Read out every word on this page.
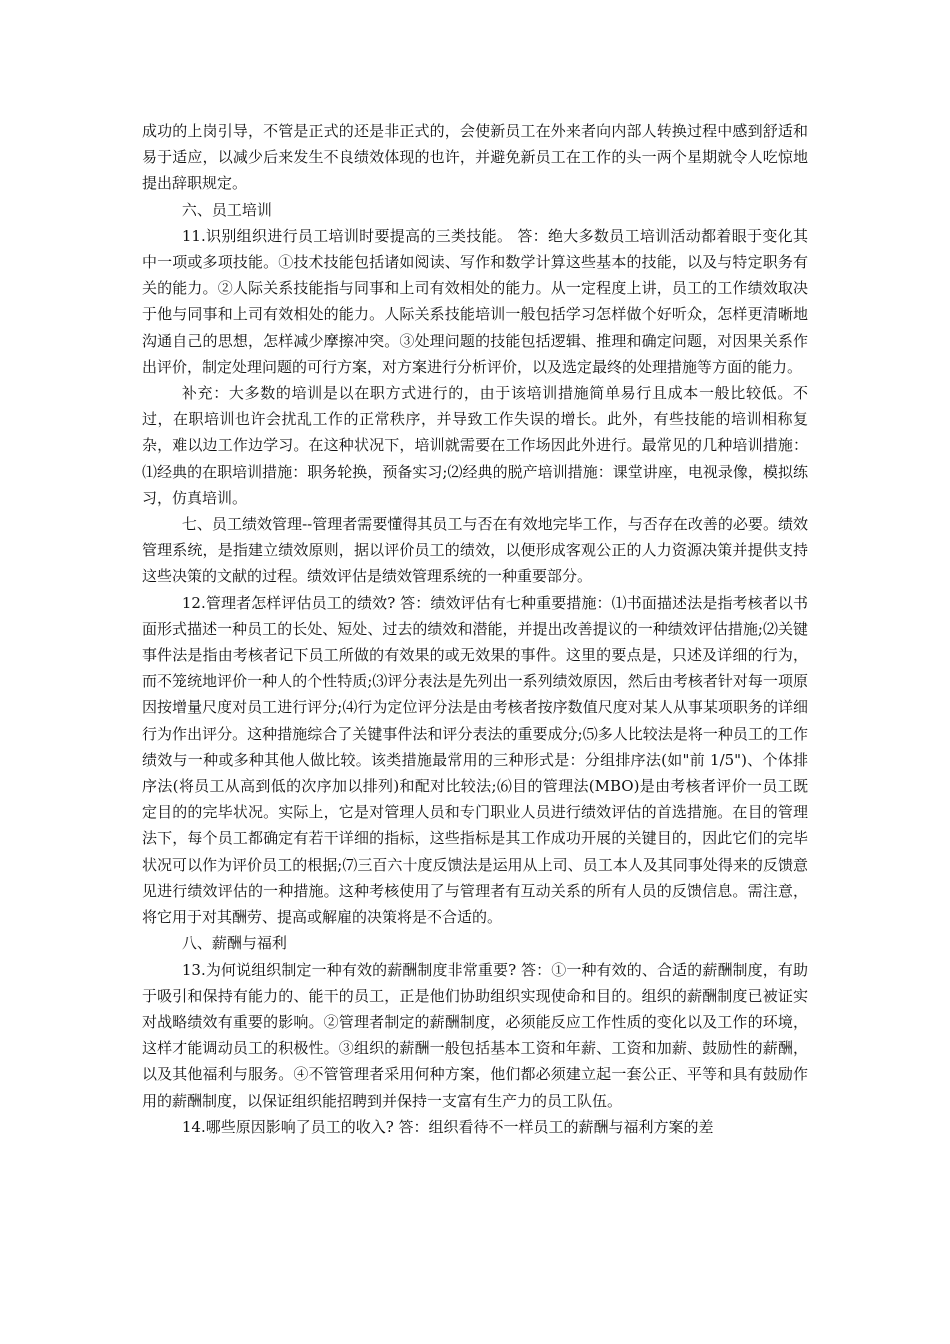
成功的上岗引导，不管是正式的还是非正式的，会使新员工在外来者向内部人转换过程中感到舒适和易于适应，以减少后来发生不良绩效体现的也许，并避免新员工在工作的头一两个星期就令人吃惊地提出辞职规定。

六、员工培训

11.识别组织进行员工培训时要提高的三类技能。 答：绝大多数员工培训活动都着眼于变化其中一项或多项技能。①技术技能包括诸如阅读、写作和数学计算这些基本的技能，以及与特定职务有关的能力。②人际关系技能指与同事和上司有效相处的能力。从一定程度上讲，员工的工作绩效取决于他与同事和上司有效相处的能力。人际关系技能培训一般包括学习怎样做个好听众，怎样更清晰地沟通自己的思想，怎样减少摩擦冲突。③处理问题的技能包括逻辑、推理和确定问题，对因果关系作出评价，制定处理问题的可行方案，对方案进行分析评价，以及选定最终的处理措施等方面的能力。

补充：大多数的培训是以在职方式进行的，由于该培训措施简单易行且成本一般比较低。不过，在职培训也许会扰乱工作的正常秩序，并导致工作失误的增长。此外，有些技能的培训相称复杂，难以边工作边学习。在这种状况下，培训就需要在工作场因此外进行。最常见的几种培训措施：⑴经典的在职培训措施：职务轮换，预备实习;⑵经典的脱产培训措施：课堂讲座，电视录像，模拟练习，仿真培训。

七、员工绩效管理--管理者需要懂得其员工与否在有效地完毕工作，与否存在改善的必要。绩效管理系统，是指建立绩效原则，据以评价员工的绩效，以便形成客观公正的人力资源决策并提供支持这些决策的文献的过程。绩效评估是绩效管理系统的一种重要部分。

12.管理者怎样评估员工的绩效? 答：绩效评估有七种重要措施：⑴书面描述法是指考核者以书面形式描述一种员工的长处、短处、过去的绩效和潜能，并提出改善提议的一种绩效评估措施;⑵关键事件法是指由考核者记下员工所做的有效果的或无效果的事件。这里的要点是，只述及详细的行为，而不笼统地评价一种人的个性特质;⑶评分表法是先列出一系列绩效原因，然后由考核者针对每一项原因按增量尺度对员工进行评分;⑷行为定位评分法是由考核者按序数值尺度对某人从事某项职务的详细行为作出评分。这种措施综合了关键事件法和评分表法的重要成分;⑸多人比较法是将一种员工的工作绩效与一种或多种其他人做比较。该类措施最常用的三种形式是：分组排序法(如"前 1/5")、个体排序法(将员工从高到低的次序加以排列)和配对比较法;⑹目的管理法(MBO)是由考核者评价一员工既定目的的完毕状况。实际上，它是对管理人员和专门职业人员进行绩效评估的首选措施。在目的管理法下，每个员工都确定有若干详细的指标，这些指标是其工作成功开展的关键目的，因此它们的完毕状况可以作为评价员工的根据;⑺三百六十度反馈法是运用从上司、员工本人及其同事处得来的反馈意见进行绩效评估的一种措施。这种考核使用了与管理者有互动关系的所有人员的反馈信息。需注意，将它用于对其酬劳、提高或解雇的决策将是不合适的。

八、薪酬与福利

13.为何说组织制定一种有效的薪酬制度非常重要? 答：①一种有效的、合适的薪酬制度，有助于吸引和保持有能力的、能干的员工，正是他们协助组织实现使命和目的。组织的薪酬制度已被证实对战略绩效有重要的影响。②管理者制定的薪酬制度，必须能反应工作性质的变化以及工作的环境，这样才能调动员工的积极性。③组织的薪酬一般包括基本工资和年薪、工资和加薪、鼓励性的薪酬，以及其他福利与服务。④不管管理者采用何种方案，他们都必须建立起一套公正、平等和具有鼓励作用的薪酬制度，以保证组织能招聘到并保持一支富有生产力的员工队伍。

14.哪些原因影响了员工的收入? 答：组织看待不一样员工的薪酬与福利方案的差
